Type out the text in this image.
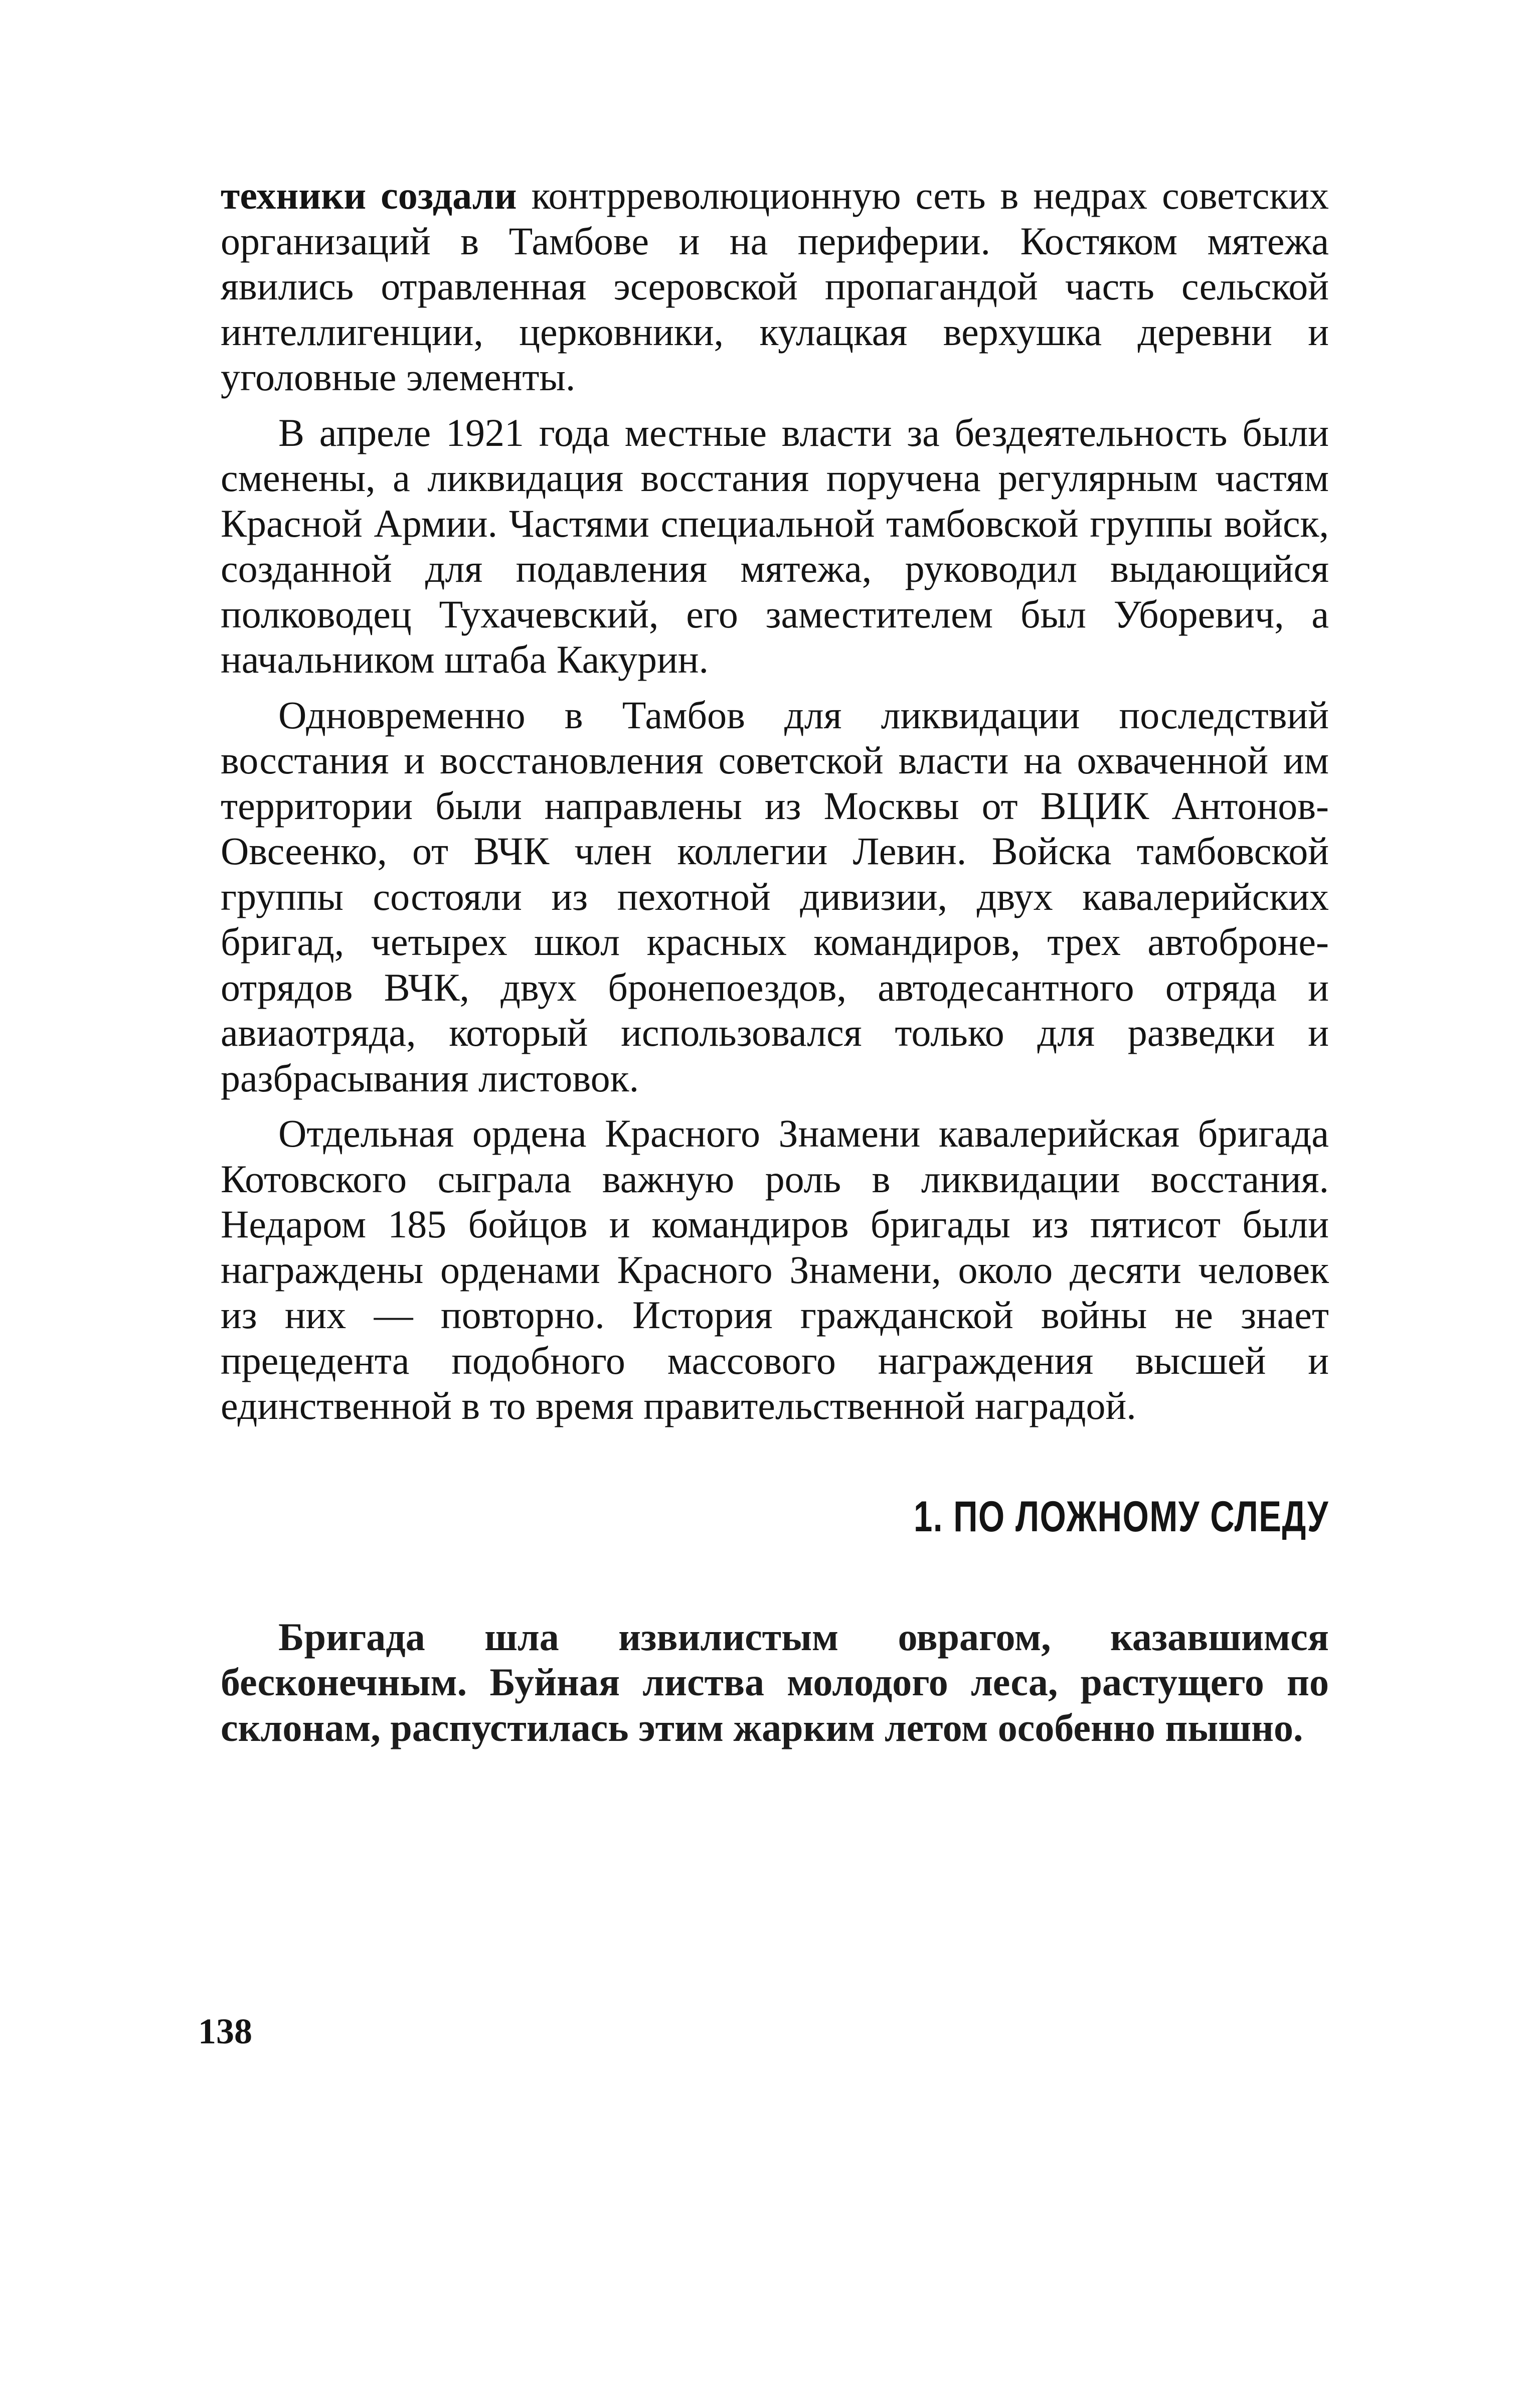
техники создали контрреволюционную сеть в недрах советских организаций в Тамбове и на периферии. Костяком мятежа явились отравленная эсеровской пропагандой часть сельской интеллигенции, церковники, кулацкая верхушка деревни и уголовные элементы.

В апреле 1921 года местные власти за бездеятельность были сменены, а ликвидация восстания поручена регулярным частям Красной Армии. Частями специальной тамбовской группы войск, созданной для подавления мятежа, руководил выдающийся полководец Тухачевский, его заместителем был Уборевич, а начальником штаба Какурин.

Одновременно в Тамбов для ликвидации последствий восстания и восстановления советской власти на охваченной им территории были направлены из Москвы от ВЦИК Антонов-Овсеенко, от ВЧК член коллегии Левин. Войска тамбовской группы состояли из пехотной дивизии, двух кавалерийских бригад, четырех школ красных командиров, трех автобронеотрядов ВЧК, двух бронепоездов, автодесантного отряда и авиаотряда, который использовался только для разведки и разбрасывания листовок.

Отдельная ордена Красного Знамени кавалерийская бригада Котовского сыграла важную роль в ликвидации восстания. Недаром 185 бойцов и командиров бригады из пятисот были награждены орденами Красного Знамени, около десяти человек из них — повторно. История гражданской войны не знает прецедента подобного массового награждения высшей и единственной в то время правительственной наградой.

1. ПО ЛОЖНОМУ СЛЕДУ

Бригада шла извилистым оврагом, казавшимся бесконечным. Буйная листва молодого леса, растущего по склонам, распустилась этим жарким летом особенно пышно.

138
